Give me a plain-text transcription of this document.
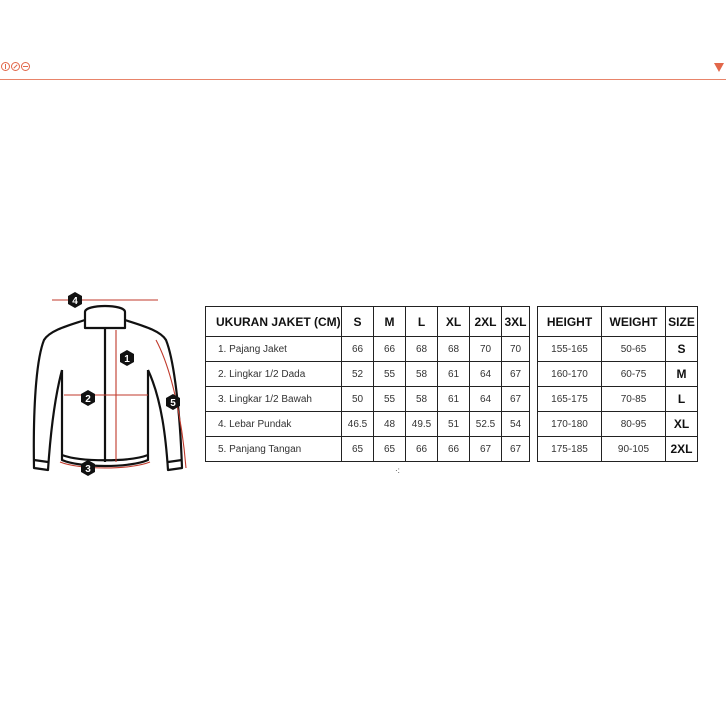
4
1
2	5
3
UKURAN JAKET (CM)	S	M	L	XL	2XL	3XL
1. Pajang Jaket	66	66	68	68	70	70
2. Lingkar 1/2 Dada	52	55	58	61	64	67
3. Lingkar 1/2 Bawah	50	55	58	61	64	67
4. Lebar Pundak	46.5	48	49.5	51	52.5	54
5. Panjang Tangan	65	65	66	66	67	67
HEIGHT	WEIGHT	SIZE
155-165	50-65	S
160-170	60-75	M
165-175	70-85	L
170-180	80-95	XL
175-185	90-105	2XL
·:
